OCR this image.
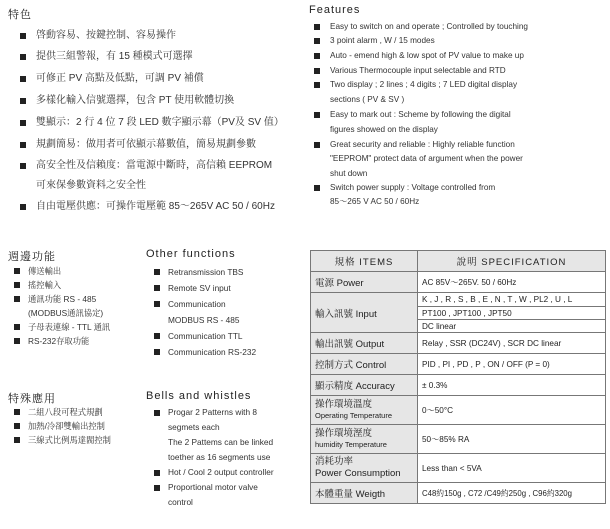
特色
啓動容易、按鍵控制、容易操作
提供三組警報，有 15 種模式可選擇
可修正 PV 高點及低點，可調 PV 補償
多樣化輸入信號選擇，包含 PT 使用軟體切換
雙顯示：2 行 4 位 7 段 LED 數字顯示幕（PV及 SV 值）
規劃簡易：做用者可依顯示幕數值，簡易規劃參數
高安全性及信賴度：當電源中斷時，高信賴 EEPROM
可來保參數資料之安全性
自由電壓供應：可操作電壓範 85～265V AC 50 / 60Hz
Features
Easy to switch on and operate ; Controlled by touching
3 point alarm , W / 15 modes
Auto - emend high & low spot of PV value to make up
Various Thermocouple input selectable and RTD
Two display ; 2 lines ; 4 digits ; 7 LED digital display
sections ( PV & SV )
Easy to mark out : Scheme by following the digital
figures showed on the display
Great security and reliable : Highly reliable function
"EEPROM" protect data of argument when the power
shut down
Switch power supply : Voltage controlled from
85～265 V AC 50 / 60Hz
週邊功能
傳送輸出
搖控輸入
通訊功能 RS - 485
(MODBUS通訊協定)
子母表連線 - TTL 通訊
RS-232存取功能
特殊應用
二組八段可程式規劃
加熱/冷卻雙輸出控制
三線式比例馬達閥控制
Other functions
Retransmission TBS
Remote SV input
Communication
MODBUS RS - 485
Communication TTL
Communication RS-232
Bells and whistles
Progar 2 Patterns with 8
segmets each
The 2 Pattems can be linked
toether as 16 segments use
Hot / Cool 2 output controller
Proportional motor valve
control
規格 ITEMS	說明 SPECIFICATION
電源 Power	AC 85V～265V. 50 / 60Hz
輸入訊號 Input	K , J , R , S , B , E , N , T , W , PL2 , U , L
	PT100 , JPT100 , JPT50
	DC linear
輸出訊號 Output	Relay , SSR (DC24V) , SCR DC linear
控制方式 Control	PID , PI , PD , P , ON / OFF (P = 0)
顯示精度 Accuracy	± 0.3%

操作環境溫度
Operating Temperature	0～50°C

操作環境溼度
humidity Temperature	50～85% RA

消耗功率
Power Consumption	Less than < 5VA
本體重量 Weigth	C48約150g , C72 /C49約250g , C96約320g
